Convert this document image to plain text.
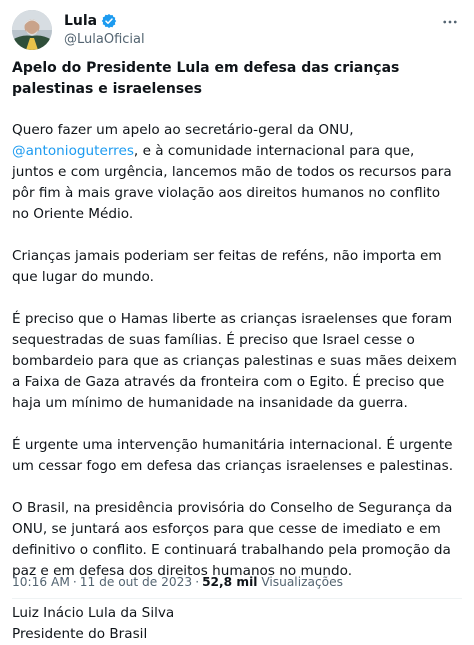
Lula
@LulaOficial

Apelo do Presidente Lula em defesa das crianças palestinas e israelenses

Quero fazer um apelo ao secretário-geral da ONU, @antonioguterres, e à comunidade internacional para que, juntos e com urgência, lancemos mão de todos os recursos para pôr fim à mais grave violação aos direitos humanos no conflito no Oriente Médio.

Crianças jamais poderiam ser feitas de reféns, não importa em que lugar do mundo.

É preciso que o Hamas liberte as crianças israelenses que foram sequestradas de suas famílias. É preciso que Israel cesse o bombardeio para que as crianças palestinas e suas mães deixem a Faixa de Gaza através da fronteira com o Egito. É preciso que haja um mínimo de humanidade na insanidade da guerra.

É urgente uma intervenção humanitária internacional. É urgente um cessar fogo em defesa das crianças israelenses e palestinas.

O Brasil, na presidência provisória do Conselho de Segurança da ONU, se juntará aos esforços para que cesse de imediato e em definitivo o conflito. E continuará trabalhando pela promoção da paz e em defesa dos direitos humanos no mundo.

Luiz Inácio Lula da Silva

Presidente do Brasil

10:16 AM · 11 de out de 2023 · 52,8 mil Visualizações
